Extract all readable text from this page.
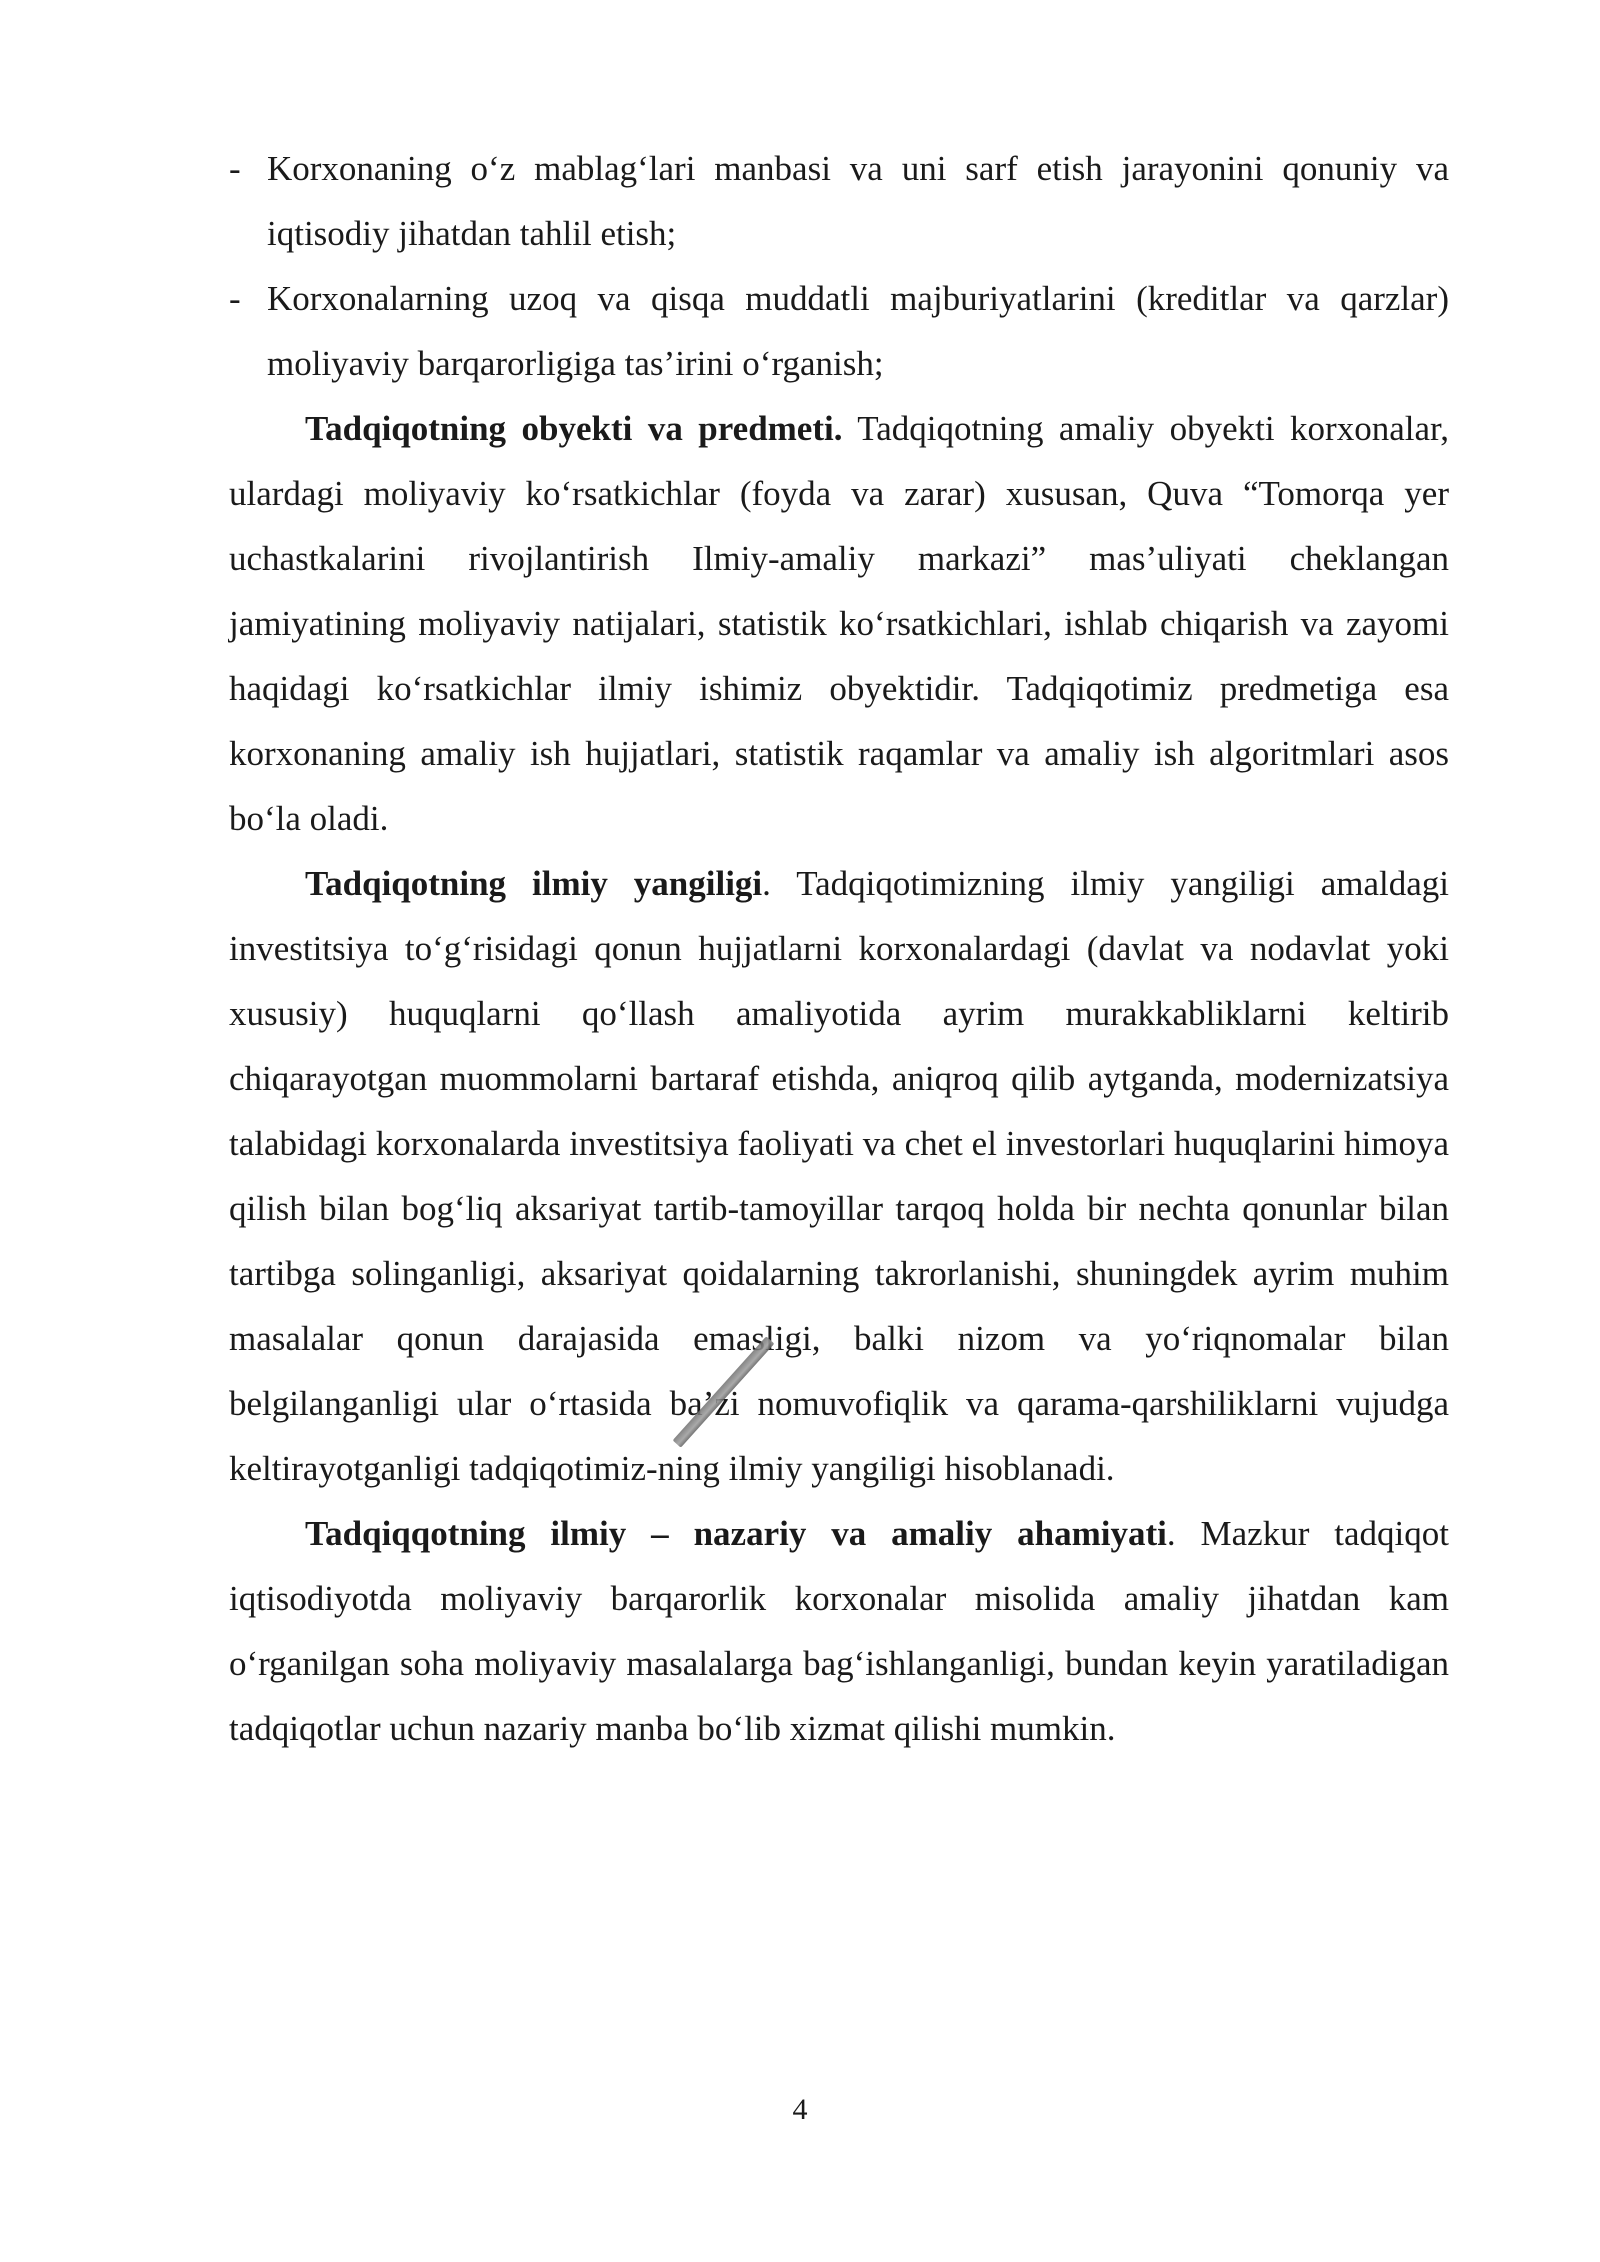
- Korxonaning o‘z mablag‘lari manbasi va uni sarf etish jarayonini qonuniy va iqtisodiy jihatdan tahlil etish;
- Korxonalarning uzoq va qisqa muddatli majburiyatlarini (kreditlar va qarzlar) moliyaviy barqarorligiga tas’irini o‘rganish;

Tadqiqotning obyekti va predmeti. Tadqiqotning amaliy obyekti korxonalar, ulardagi moliyaviy ko‘rsatkichlar (foyda va zarar) xususan, Quva “Tomorqa yer uchastkalarini rivojlantirish Ilmiy-amaliy markazi” mas’uliyati cheklangan jamiyatining moliyaviy natijalari, statistik ko‘rsatkichlari, ishlab chiqarish va zayomi haqidagi ko‘rsatkichlar ilmiy ishimiz obyektidir. Tadqiqotimiz predmetiga esa korxonaning amaliy ish hujjatlari, statistik raqamlar va amaliy ish algoritmlari asos bo‘la oladi.

Tadqiqotning ilmiy yangiligi. Tadqiqotimizning ilmiy yangiligi amaldagi investitsiya to‘g‘risidagi qonun hujjatlarni korxonalardagi (davlat va nodavlat yoki xususiy) huquqlarni qo‘llash amaliyotida ayrim murakkabliklarni keltirib chiqarayotgan muommolarni bartaraf etishda, aniqroq qilib aytganda, modernizatsiya talabidagi korxonalarda investitsiya faoliyati va chet el investorlari huquqlarini himoya qilish bilan bog‘liq aksariyat tartib-tamoyillar tarqoq holda bir nechta qonunlar bilan tartibga solinganligi, aksariyat qoidalarning takrorlanishi, shuningdek ayrim muhim masalalar qonun darajasida emasligi, balki nizom va yo‘riqnomalar bilan belgilanganligi ular o‘rtasida ba’zi nomuvofiqlik va qarama-qarshiliklarni vujudga keltirayotganligi tadqiqotimiz-ning ilmiy yangiligi hisoblanadi.

Tadqiqqotning ilmiy – nazariy va amaliy ahamiyati. Mazkur tadqiqot iqtisodiyotda moliyaviy barqarorlik korxonalar misolida amaliy jihatdan kam o‘rganilgan soha moliyaviy masalalarga bag‘ishlanganligi, bundan keyin yaratiladigan tadqiqotlar uchun nazariy manba bo‘lib xizmat qilishi mumkin.

4
